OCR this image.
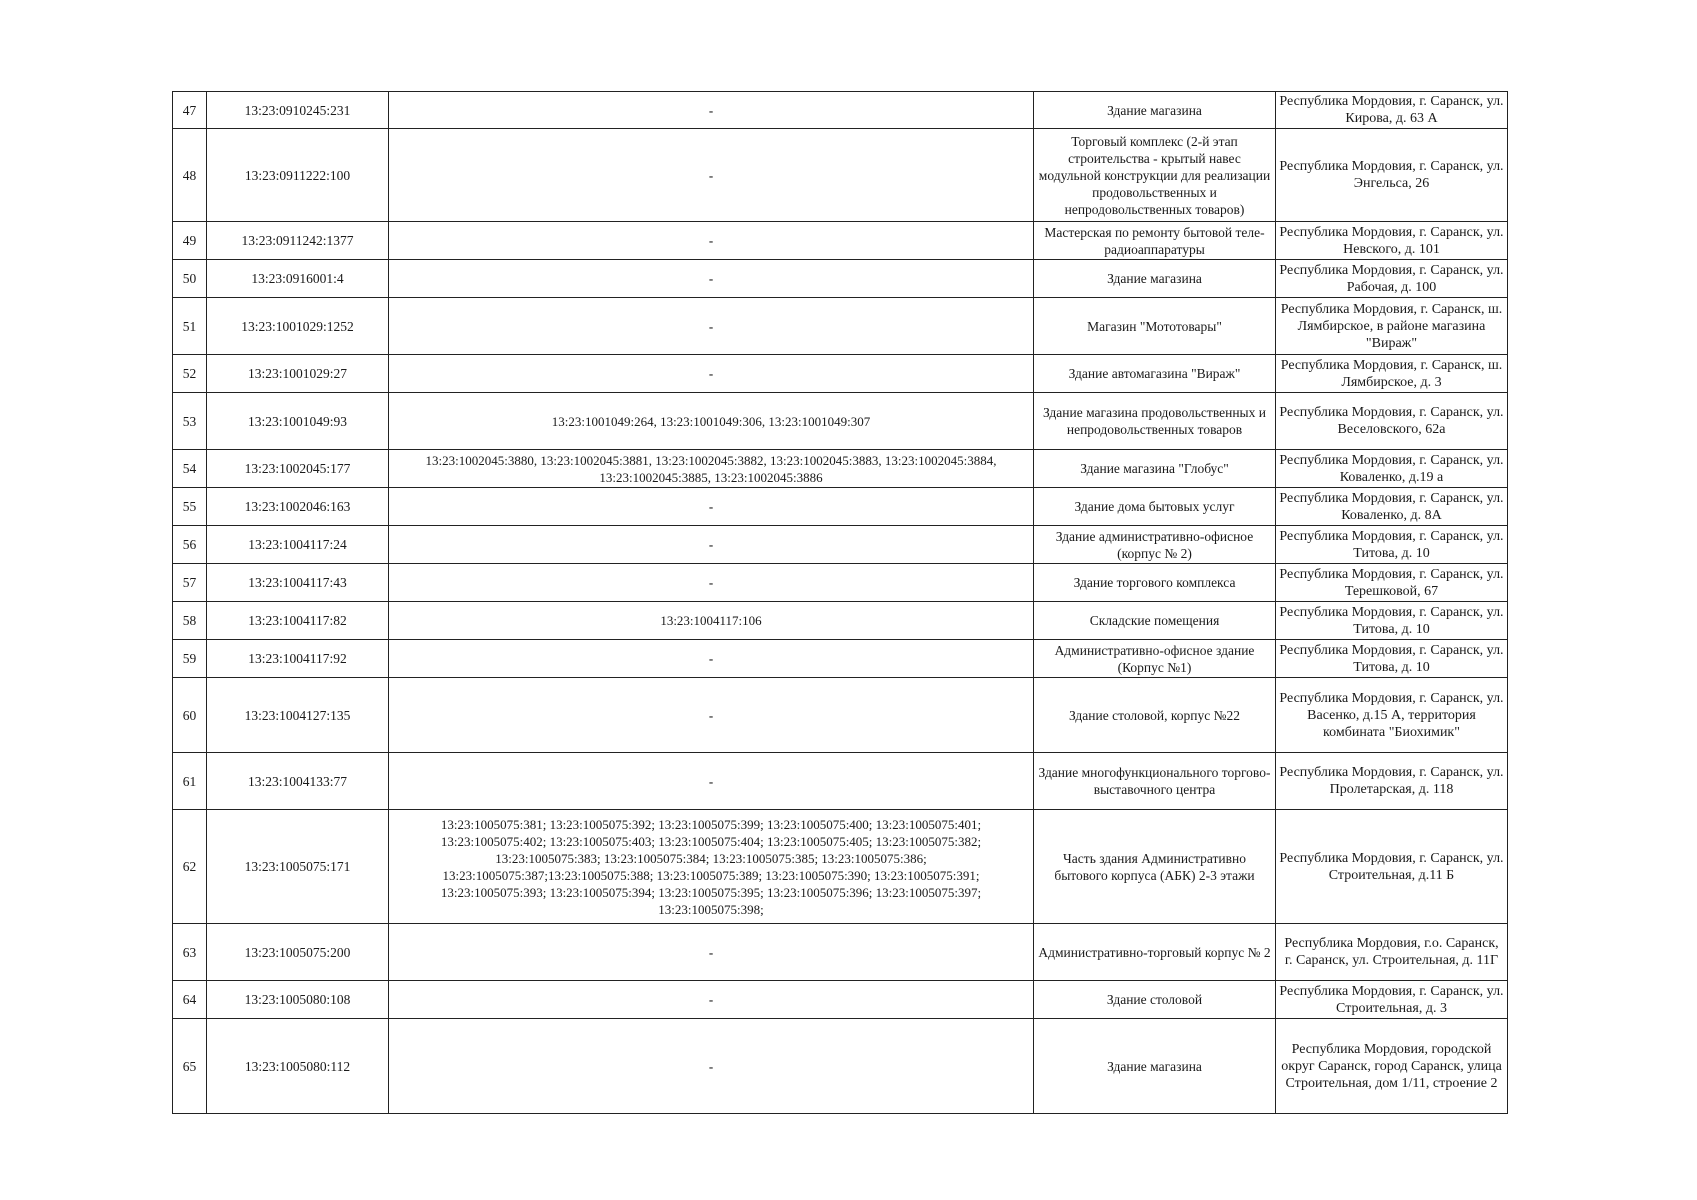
47	13:23:0910245:231	-	Здание магазина	Республика Мордовия, г. Саранск, ул. Кирова, д. 63 А
48	13:23:0911222:100	-	Торговый комплекс (2-й этап строительства - крытый навес модульной конструкции для реализации продовольственных и непродовольственных товаров)	Республика Мордовия, г. Саранск, ул. Энгельса, 26
49	13:23:0911242:1377	-	Мастерская по ремонту бытовой теле- радиоаппаратуры	Республика Мордовия, г. Саранск, ул. Невского, д. 101
50	13:23:0916001:4	-	Здание магазина	Республика Мордовия, г. Саранск, ул. Рабочая, д. 100
51	13:23:1001029:1252	-	Магазин "Мототовары"	Республика Мордовия, г. Саранск, ш. Лямбирское, в районе магазина "Вираж"
52	13:23:1001029:27	-	Здание автомагазина "Вираж"	Республика Мордовия, г. Саранск, ш. Лямбирское, д. 3
53	13:23:1001049:93	13:23:1001049:264, 13:23:1001049:306, 13:23:1001049:307	Здание магазина продовольственных и непродовольственных товаров	Республика Мордовия, г. Саранск, ул. Веселовского, 62а
54	13:23:1002045:177	13:23:1002045:3880, 13:23:1002045:3881, 13:23:1002045:3882, 13:23:1002045:3883, 13:23:1002045:3884, 13:23:1002045:3885, 13:23:1002045:3886	Здание магазина "Глобус"	Республика Мордовия, г. Саранск, ул. Коваленко, д.19 а
55	13:23:1002046:163	-	Здание дома бытовых услуг	Республика Мордовия, г. Саранск, ул. Коваленко, д. 8А
56	13:23:1004117:24	-	Здание административно-офисное (корпус № 2)	Республика Мордовия, г. Саранск, ул. Титова, д. 10
57	13:23:1004117:43	-	Здание торгового комплекса	Республика Мордовия, г. Саранск, ул. Терешковой, 67
58	13:23:1004117:82	13:23:1004117:106	Складские помещения	Республика Мордовия, г. Саранск, ул. Титова, д. 10
59	13:23:1004117:92	-	Административно-офисное здание (Корпус №1)	Республика Мордовия, г. Саранск, ул. Титова, д. 10
60	13:23:1004127:135	-	Здание столовой, корпус №22	Республика Мордовия, г. Саранск, ул. Васенко, д.15 А, территория комбината "Биохимик"
61	13:23:1004133:77	-	Здание многофункционального торгово-выставочного центра	Республика Мордовия, г. Саранск, ул. Пролетарская, д. 118
62	13:23:1005075:171	13:23:1005075:381; 13:23:1005075:392; 13:23:1005075:399; 13:23:1005075:400; 13:23:1005075:401; 13:23:1005075:402; 13:23:1005075:403; 13:23:1005075:404; 13:23:1005075:405; 13:23:1005075:382; 13:23:1005075:383; 13:23:1005075:384; 13:23:1005075:385; 13:23:1005075:386; 13:23:1005075:387;13:23:1005075:388; 13:23:1005075:389; 13:23:1005075:390; 13:23:1005075:391; 13:23:1005075:393; 13:23:1005075:394; 13:23:1005075:395; 13:23:1005075:396; 13:23:1005075:397; 13:23:1005075:398;	Часть здания Административно бытового корпуса (АБК) 2-3 этажи	Республика Мордовия, г. Саранск, ул. Строительная, д.11 Б
63	13:23:1005075:200	-	Административно-торговый корпус № 2	Республика Мордовия, г.о. Саранск, г. Саранск, ул. Строительная, д. 11Г
64	13:23:1005080:108	-	Здание столовой	Республика Мордовия, г. Саранск, ул. Строительная, д. 3
65	13:23:1005080:112	-	Здание магазина	Республика Мордовия, городской округ Саранск, город Саранск, улица Строительная, дом 1/11, строение 2
